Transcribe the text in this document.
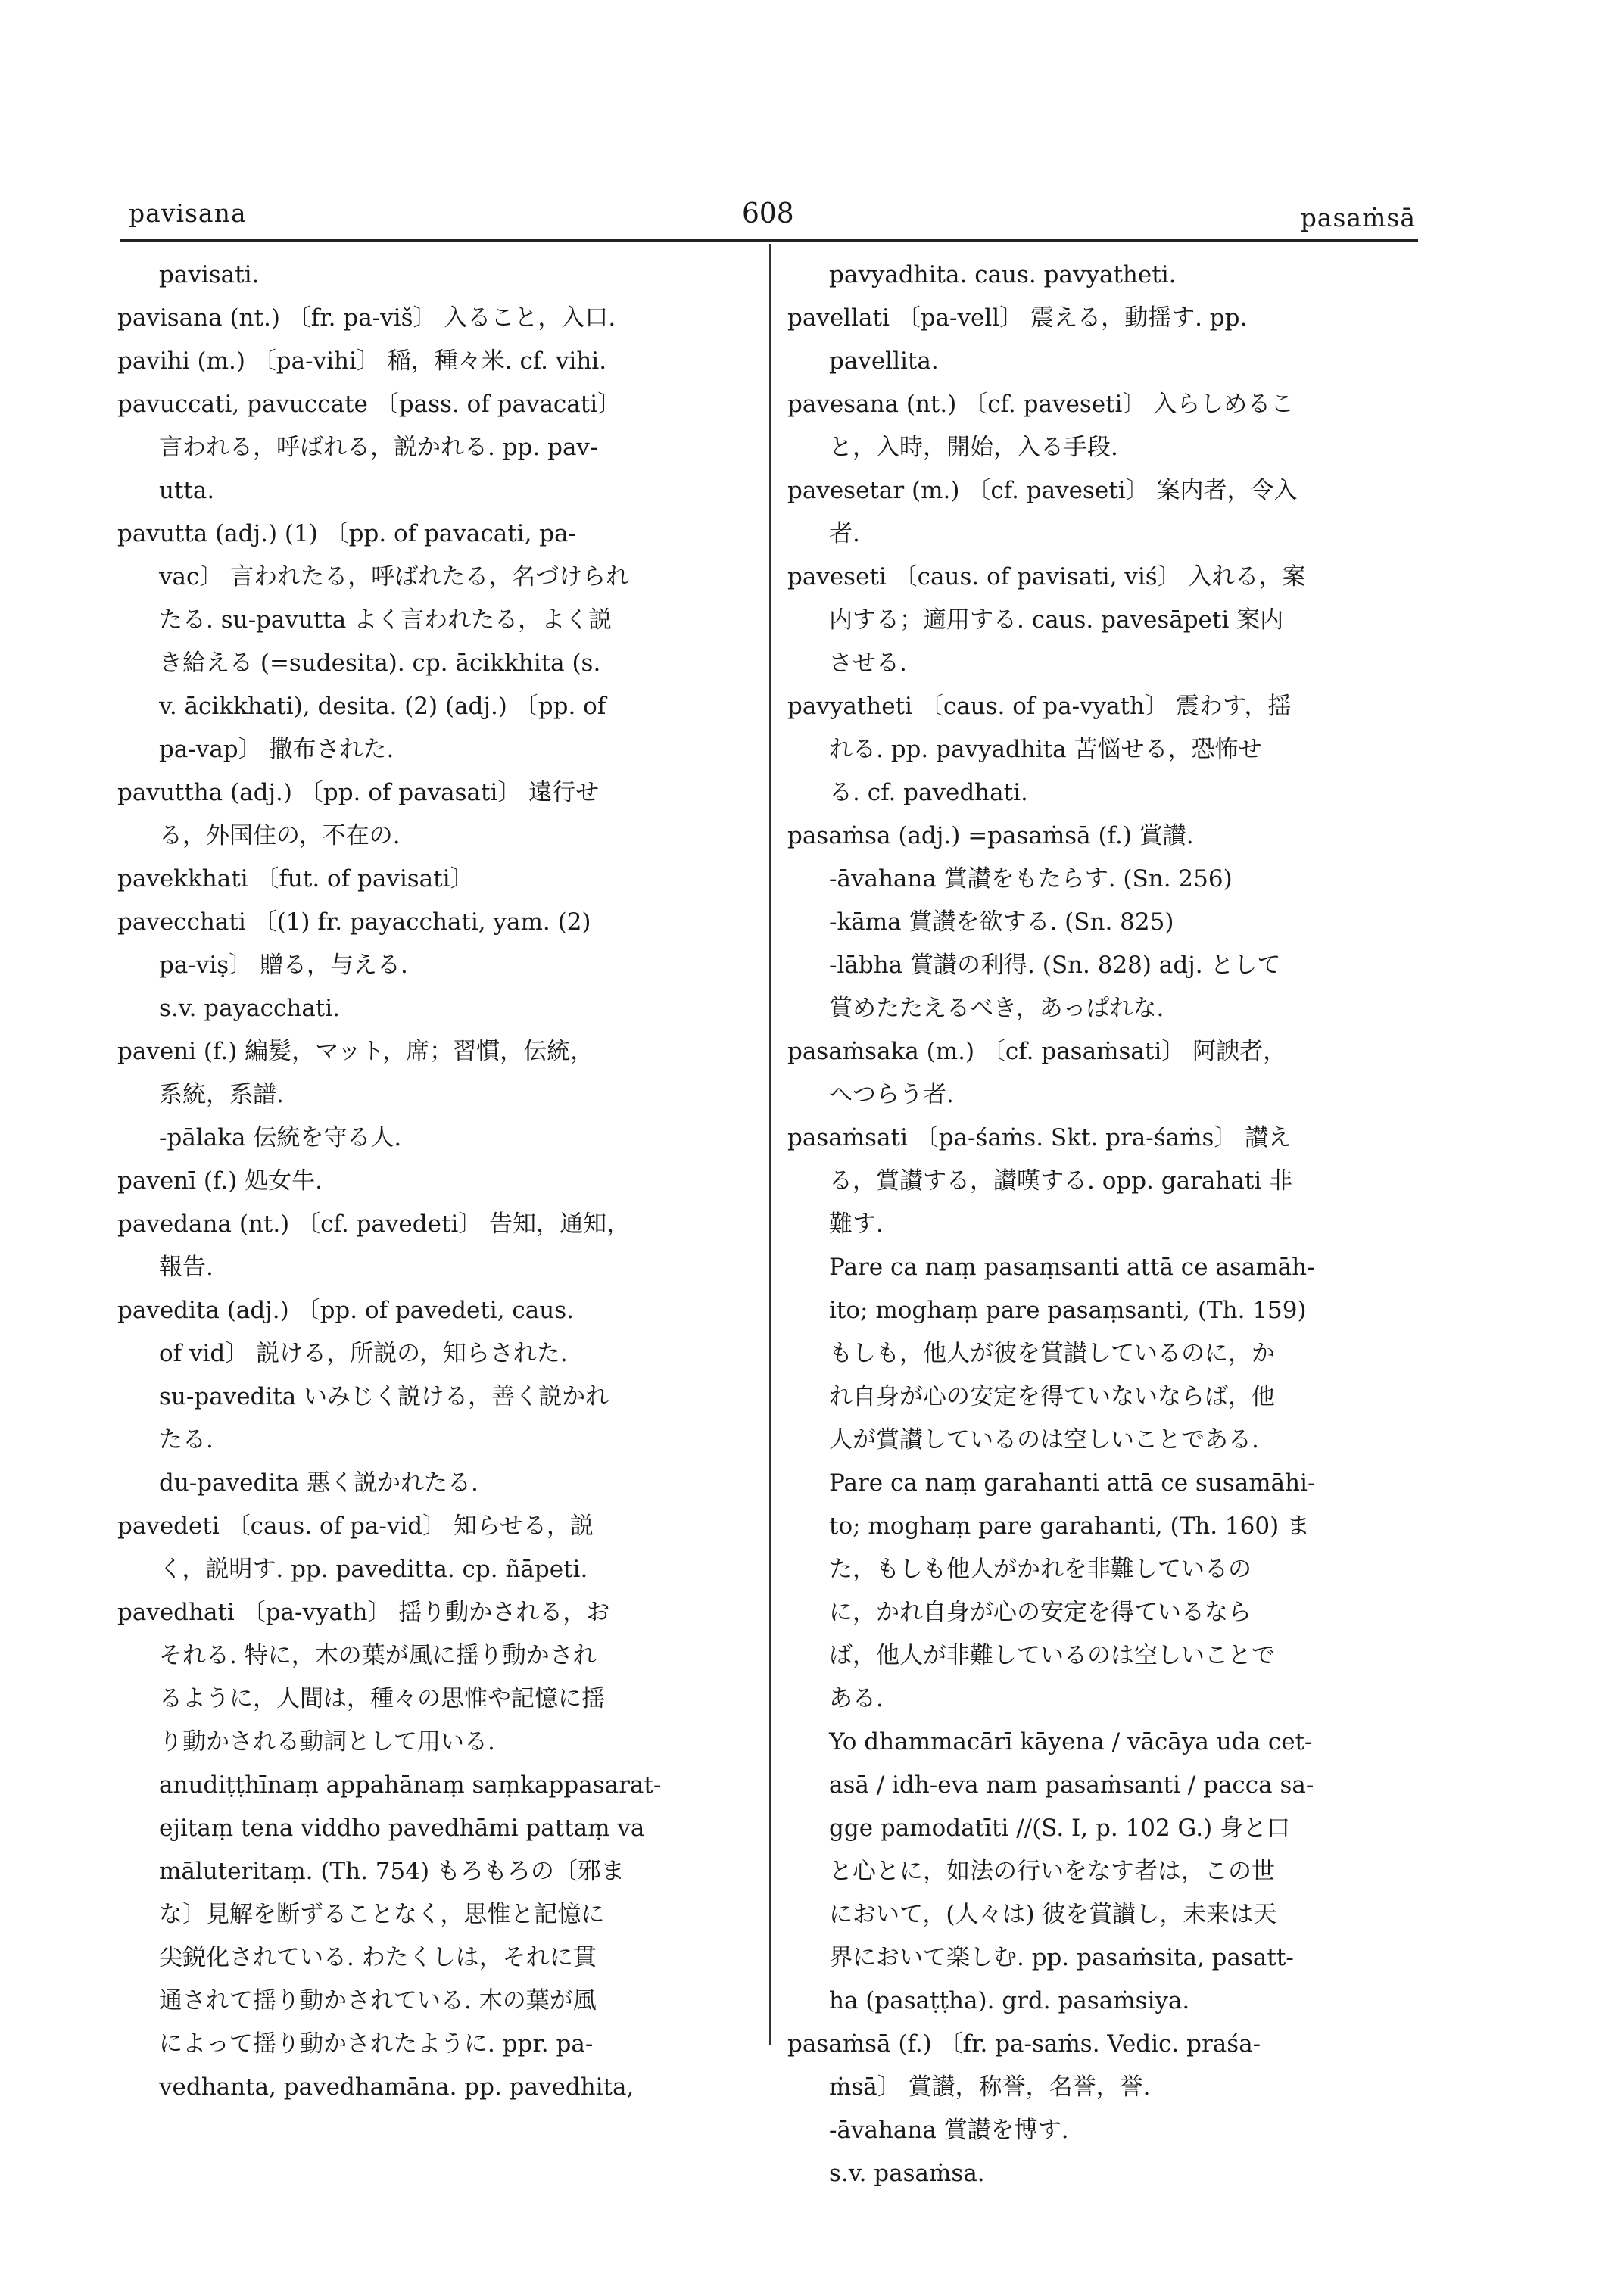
pavisana	608	pasaṁsā
pavisati.
pavisana (nt.) 〔fr. pa-viš〕 入ること，入口.
pavihi (m.) 〔pa-vihi〕 稲，種々米. cf. vihi.
pavuccati, pavuccate 〔pass. of pavacati〕
言われる，呼ばれる，説かれる. pp. pav-
utta.
pavutta (adj.) (1) 〔pp. of pavacati, pa-
vac〕 言われたる，呼ばれたる，名づけられ
たる. su-pavutta よく言われたる，よく説
き給える (=sudesita). cp. ācikkhita (s.
v. ācikkhati), desita. (2) (adj.) 〔pp. of
pa-vap〕 撒布された.
pavuttha (adj.) 〔pp. of pavasati〕 遠行せ
る，外国住の，不在の.
pavekkhati 〔fut. of pavisati〕
pavecchati 〔(1) fr. payacchati, yam. (2)
pa-viṣ〕 贈る，与える.
s.v. payacchati.
paveni (f.) 編髪，マット，席；習慣，伝統，
系統，系譜.
-pālaka 伝統を守る人.
pavenī (f.) 処女牛.
pavedana (nt.) 〔cf. pavedeti〕 告知，通知，
報告.
pavedita (adj.) 〔pp. of pavedeti, caus.
of vid〕 説ける，所説の，知らされた.
su-pavedita いみじく説ける，善く説かれ
たる.
du-pavedita 悪く説かれたる.
pavedeti 〔caus. of pa-vid〕 知らせる，説
く，説明す. pp. paveditta. cp. ñāpeti.
pavedhati 〔pa-vyath〕 揺り動かされる，お
それる. 特に，木の葉が風に揺り動かされ
るように，人間は，種々の思惟や記憶に揺
り動かされる動詞として用いる.
anudiṭṭhīnaṃ appahānaṃ saṃkappasarat-
ejitaṃ tena viddho pavedhāmi pattaṃ va
māluteritaṃ. (Th. 754) もろもろの〔邪ま
な〕見解を断ずることなく，思惟と記憶に
尖鋭化されている. わたくしは，それに貫
通されて揺り動かされている. 木の葉が風
によって揺り動かされたように. ppr. pa-
vedhanta, pavedhamāna. pp. pavedhita,
pavyadhita. caus. pavyatheti.
pavellati 〔pa-vell〕 震える，動揺す. pp.
pavellita.
pavesana (nt.) 〔cf. paveseti〕 入らしめるこ
と，入時，開始，入る手段.
pavesetar (m.) 〔cf. paveseti〕 案内者，令入
者.
paveseti 〔caus. of pavisati, viś〕 入れる，案
内する；適用する. caus. pavesāpeti 案内
させる.
pavyatheti 〔caus. of pa-vyath〕 震わす，揺
れる. pp. pavyadhita 苦悩せる，恐怖せ
る. cf. pavedhati.
pasaṁsa (adj.) =pasaṁsā (f.) 賞讃.
-āvahana 賞讃をもたらす. (Sn. 256)
-kāma 賞讃を欲する. (Sn. 825)
-lābha 賞讃の利得. (Sn. 828) adj. として
賞めたたえるべき，あっぱれな.
pasaṁsaka (m.) 〔cf. pasaṁsati〕 阿諛者，
へつらう者.
pasaṁsati 〔pa-śaṁs. Skt. pra-śaṁs〕 讃え
る，賞讃する，讃嘆する. opp. garahati 非
難す.
Pare ca naṃ pasaṃsanti attā ce asamāh-
ito; moghaṃ pare pasaṃsanti, (Th. 159)
もしも，他人が彼を賞讃しているのに，か
れ自身が心の安定を得ていないならば，他
人が賞讃しているのは空しいことである.
Pare ca naṃ garahanti attā ce susamāhi-
to; moghaṃ pare garahanti, (Th. 160) ま
た，もしも他人がかれを非難しているの
に，かれ自身が心の安定を得ているなら
ば，他人が非難しているのは空しいことで
ある.
Yo dhammacārī kāyena / vācāya uda cet-
asā / idh-eva nam pasaṁsanti / pacca sa-
gge pamodatīti //(S. I, p. 102 G.) 身と口
と心とに，如法の行いをなす者は，この世
において，(人々は) 彼を賞讃し，未来は天
界において楽しむ. pp. pasaṁsita, pasatt-
ha (pasaṭṭha). grd. pasaṁsiya.
pasaṁsā (f.) 〔fr. pa-saṁs. Vedic. praśa-
ṁsā〕 賞讃，称誉，名誉，誉.
-āvahana 賞讃を博す.
s.v. pasaṁsa.
